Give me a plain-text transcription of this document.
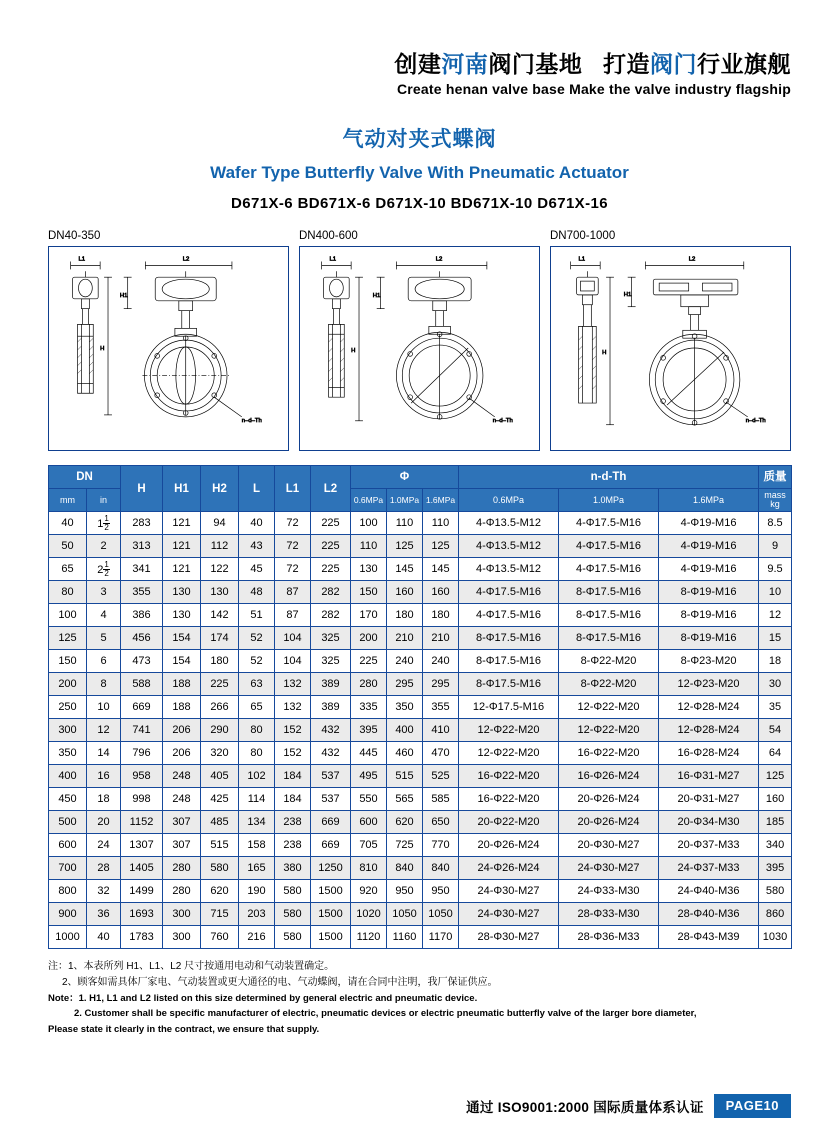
创建河南阀门基地 打造阀门行业旗舰
Create henan valve base Make the valve industry flagship
气动对夹式蝶阀
Wafer Type Butterfly Valve With Pneumatic Actuator
D671X-6 BD671X-6 D671X-10 BD671X-10 D671X-16
DN40-350
L1	L2
H
H1
n–d–Th
DN400-600
L1	L2
H
H1
n–d–Th
DN700-1000
L1	L2
H
H1
n–d–Th
DN		H	H1	H2	L	L1	L2	Φ			n-d-Th			质量
mm	in							0.6MPa	1.0MPa	1.6MPa	0.6MPa	1.0MPa	1.6MPa	mass
kg

40	$1 \frac{1}{2}$	283	121	94	40	72	225	100	110	110	4-Φ13.5-M12	4-Φ17.5-M16	4-Φ19-M16	8.5
50	2	313	121	112	43	72	225	110	125	125	4-Φ13.5-M12	4-Φ17.5-M16	4-Φ19-M16	9
65	$2 \frac{1}{2}$	341	121	122	45	72	225	130	145	145	4-Φ13.5-M12	4-Φ17.5-M16	4-Φ19-M16	9.5
80	3	355	130	130	48	87	282	150	160	160	4-Φ17.5-M16	8-Φ17.5-M16	8-Φ19-M16	10
100	4	386	130	142	51	87	282	170	180	180	4-Φ17.5-M16	8-Φ17.5-M16	8-Φ19-M16	12
125	5	456	154	174	52	104	325	200	210	210	8-Φ17.5-M16	8-Φ17.5-M16	8-Φ19-M16	15
150	6	473	154	180	52	104	325	225	240	240	8-Φ17.5-M16	8-Φ22-M20	8-Φ23-M20	18
200	8	588	188	225	63	132	389	280	295	295	8-Φ17.5-M16	8-Φ22-M20	12-Φ23-M20	30
250	10	669	188	266	65	132	389	335	350	355	12-Φ17.5-M16	12-Φ22-M20	12-Φ28-M24	35
300	12	741	206	290	80	152	432	395	400	410	12-Φ22-M20	12-Φ22-M20	12-Φ28-M24	54
350	14	796	206	320	80	152	432	445	460	470	12-Φ22-M20	16-Φ22-M20	16-Φ28-M24	64
400	16	958	248	405	102	184	537	495	515	525	16-Φ22-M20	16-Φ26-M24	16-Φ31-M27	125
450	18	998	248	425	114	184	537	550	565	585	16-Φ22-M20	20-Φ26-M24	20-Φ31-M27	160
500	20	1152	307	485	134	238	669	600	620	650	20-Φ22-M20	20-Φ26-M24	20-Φ34-M30	185
600	24	1307	307	515	158	238	669	705	725	770	20-Φ26-M24	20-Φ30-M27	20-Φ37-M33	340
700	28	1405	280	580	165	380	1250	810	840	840	24-Φ26-M24	24-Φ30-M27	24-Φ37-M33	395
800	32	1499	280	620	190	580	1500	920	950	950	24-Φ30-M27	24-Φ33-M30	24-Φ40-M36	580
900	36	1693	300	715	203	580	1500	1020	1050	1050	24-Φ30-M27	28-Φ33-M30	28-Φ40-M36	860
1000	40	1783	300	760	216	580	1500	1120	1160	1170	28-Φ30-M27	28-Φ36-M33	28-Φ43-M39	1030

注：1、本表所列 H1、L1、L2 尺寸按通用电动和气动装置确定。

2、顾客如需具体厂家电、气动装置或更大通径的电、气动蝶阀，请在合同中注明，我厂保证供应。

Note：1. H1, L1 and L2 listed on this size determined by general electric and pneumatic device.

2. Customer shall be specific manufacturer of electric, pneumatic devices or electric pneumatic butterfly valve of the larger bore diameter,

Please state it clearly in the contract, we ensure that supply.

通过 ISO9001:2000 国际质量体系认证	PAGE10
